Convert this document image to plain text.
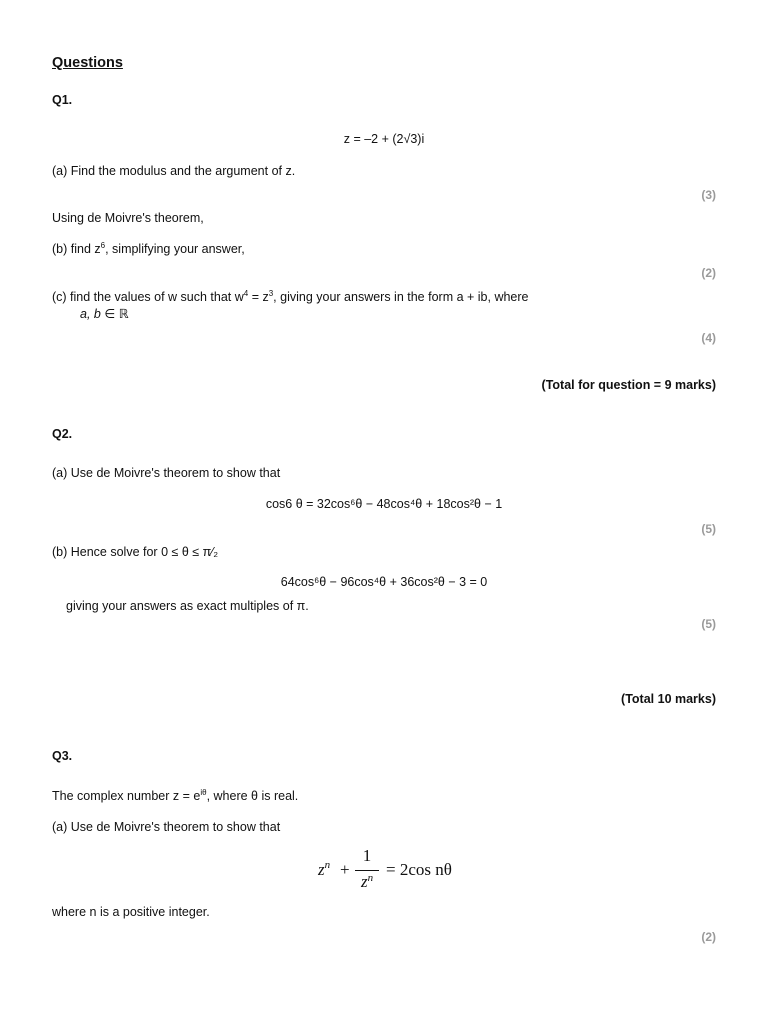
Questions
Q1.
z = –2 + (2√3)i
(a) Find the modulus and the argument of z.
(3)
Using de Moivre's theorem,
(b) find $z^6$, simplifying your answer,
(2)
(c) find the values of w such that $w^4 = z^3$, giving your answers in the form a + ib, where
a, b ∈ ℝ
(4)
(Total for question = 9 marks)
Q2.
(a) Use de Moivre's theorem to show that
cos6 θ = 32cos⁶θ − 48cos⁴θ + 18cos²θ − 1
(5)
(b) Hence solve for 0 ≤ θ ≤ π⁄₂
64cos⁶θ − 96cos⁴θ + 36cos²θ − 3 = 0
giving your answers as exact multiples of π.
(5)
(Total 10 marks)
Q3.
The complex number $z = e^{i\theta}$, where θ is real.
(a) Use de Moivre's theorem to show that
$z^n$ +
1
$z^n = 2\cos$ nθ
where n is a positive integer.
(2)
